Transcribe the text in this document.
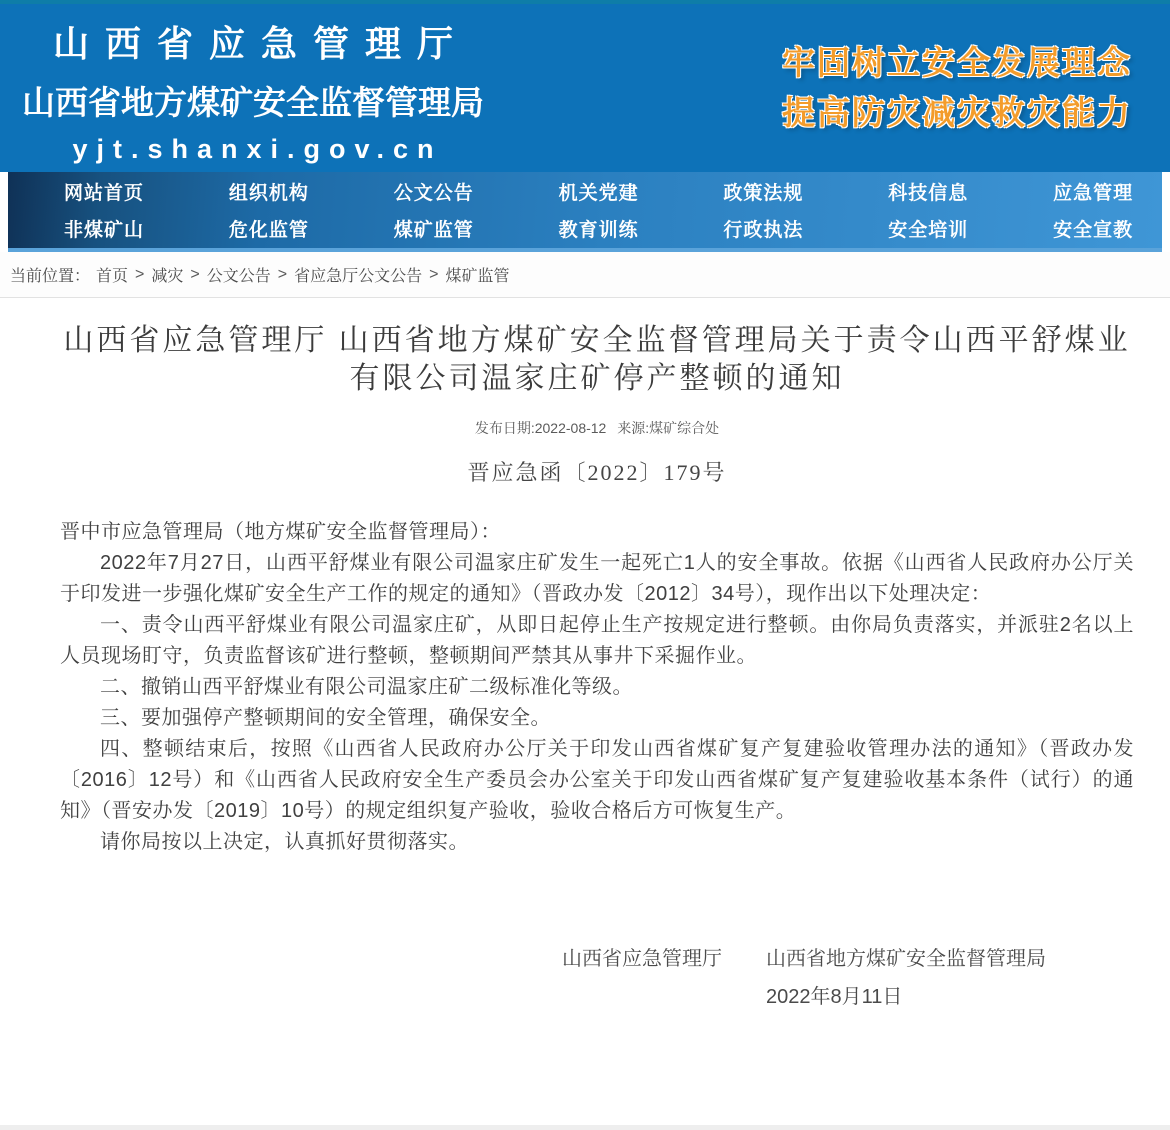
山西省应急管理厅
山西省地方煤矿安全监督管理局
yjt.shanxi.gov.cn
牢固树立安全发展理念
提高防灾减灾救灾能力
网站首页	组织机构	公文公告	机关党建	政策法规	科技信息	应急管理
非煤矿山	危化监管	煤矿监管	教育训练	行政执法	安全培训	安全宣教
当前位置： 首页 > 减灾 > 公文公告 > 省应急厅公文公告 > 煤矿监管
山西省应急管理厅 山西省地方煤矿安全监督管理局关于责令山西平舒煤业有限公司温家庄矿停产整顿的通知
发布日期:2022-08-12 来源:煤矿综合处
晋应急函〔2022〕179号

晋中市应急管理局（地方煤矿安全监督管理局）：

2022年7月27日，山西平舒煤业有限公司温家庄矿发生一起死亡1人的安全事故。依据《山西省人民政府办公厅关于印发进一步强化煤矿安全生产工作的规定的通知》（晋政办发〔2012〕34号），现作出以下处理决定：

一、责令山西平舒煤业有限公司温家庄矿，从即日起停止生产按规定进行整顿。由你局负责落实，并派驻2名以上人员现场盯守，负责监督该矿进行整顿，整顿期间严禁其从事井下采掘作业。

二、撤销山西平舒煤业有限公司温家庄矿二级标准化等级。

三、要加强停产整顿期间的安全管理，确保安全。

四、整顿结束后，按照《山西省人民政府办公厅关于印发山西省煤矿复产复建验收管理办法的通知》（晋政办发〔2016〕12号）和《山西省人民政府安全生产委员会办公室关于印发山西省煤矿复产复建验收基本条件（试行）的通知》（晋安办发〔2019〕10号）的规定组织复产验收，验收合格后方可恢复生产。

请你局按以上决定，认真抓好贯彻落实。

山西省应急管理厅 山西省地方煤矿安全监督管理局
2022年8月11日
